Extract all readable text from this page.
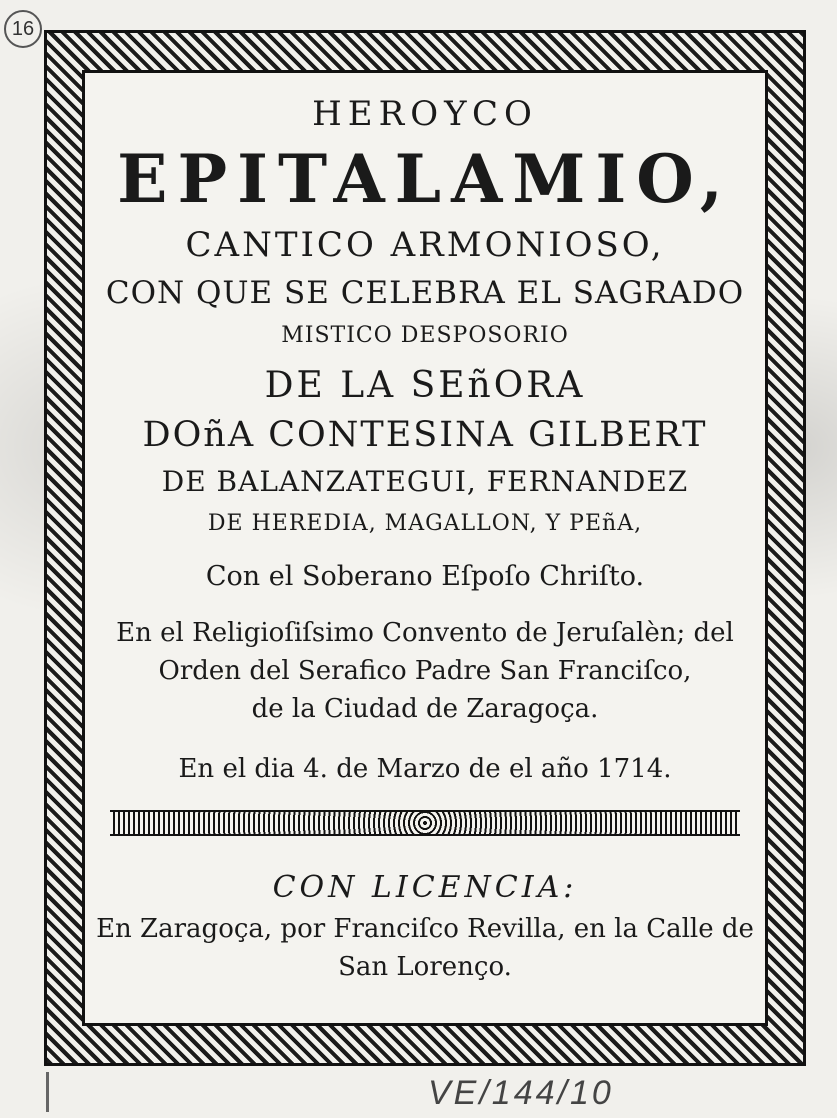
16
HEROYCO
EPITALAMIO,
CANTICO ARMONIOSO,
CON QUE SE CELEBRA EL SAGRADO
MISTICO DESPOSORIO
DE LA SEñORA
DOñA CONTESINA GILBERT
DE BALANZATEGUI, FERNANDEZ
DE HEREDIA, MAGALLON, Y PEñA,
Con el Soberano Eſpoſo Chriſto.
En el Religioſiſsimo Convento de Jeruſalèn; del
Orden del Serafico Padre San Franciſco,
de la Ciudad de Zaragoça.
En el dia 4. de Marzo de el año 1714.
CON LICENCIA:
En Zaragoça, por Franciſco Revilla, en la Calle de
San Lorenço.
VE/144/10
